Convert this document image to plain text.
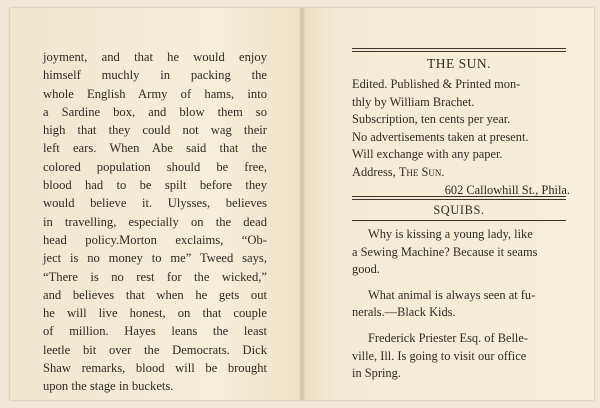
joyment, and that he would enjoy
himself muchly in packing the
whole English Army of hams, into
a Sardine box, and blow them so
high that they could not wag their
left ears. When Abe said that the
colored population should be free,
blood had to be spilt before they
would believe it. Ulysses, believes
in travelling, especially on the dead
head policy.Morton exclaims, “Ob-
ject is no money to me” Tweed says,
“There is no rest for the wicked,”
and believes that when he gets out
he will live honest, on that couple
of million. Hayes leans the least
leetle bit over the Democrats. Dick
Shaw remarks, blood will be brought
upon the stage in buckets.
THE SUN.
Edited. Published & Printed mon-
thly by William Brachet.
Subscription, ten cents per year.
No advertisements taken at present.
Will exchange with any paper.
Address, The Sun.
602 Callowhill St., Phila.
SQUIBS.
Why is kissing a young lady, like
a Sewing Machine? Because it seams
good.
What animal is always seen at fu-
nerals.—Black Kids.
Frederick Priester Esq. of Belle-
ville, Ill. Is going to visit our office
in Spring.
